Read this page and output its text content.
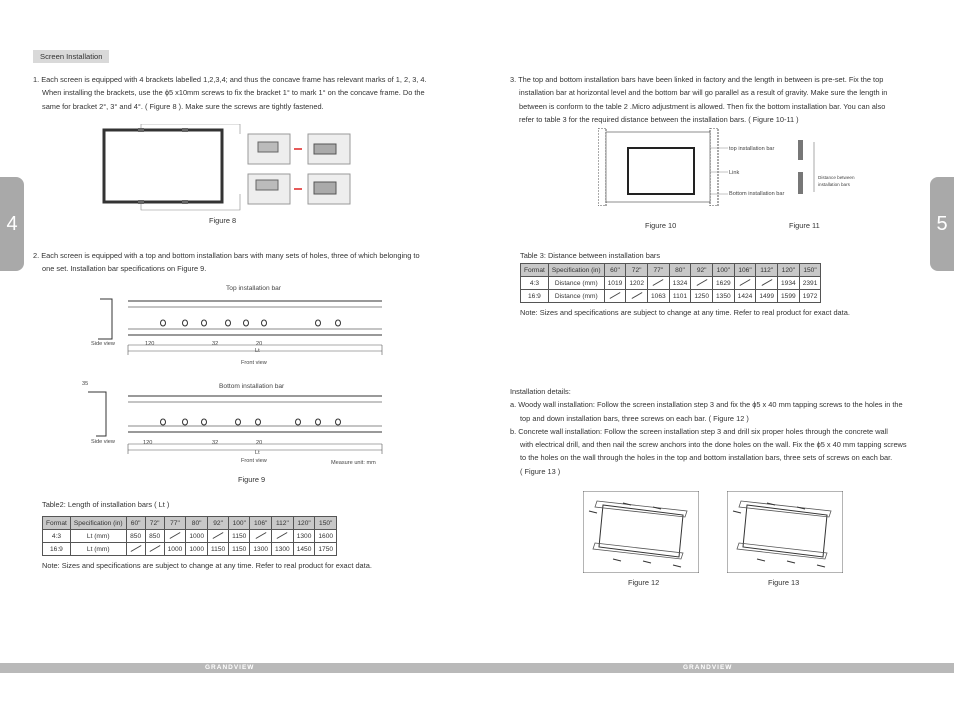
4
Screen Installation
1. Each screen is equipped with 4 brackets labelled 1,2,3,4; and thus the concave frame has relevant marks of 1, 2, 3, 4.
When installing the brackets, use the ϕ5 x10mm screws to fix the bracket 1° to mark 1° on the concave frame. Do the
same for bracket 2°, 3° and 4°. ( Figure 8 ). Make sure the screws are tightly fastened.
Figure 8
2. Each screen is equipped with a top and bottom installation bars with many sets of holes, three of which belonging to
one set. Installation bar specifications on Figure 9.
Top installation bar
Side view	120	32	20
Lt
Front view
Bottom installation bar
35
Side view	120	32	20
Lt
Front view	Measure unit: mm
Figure 9
Table2: Length of installation bars ( Lt )
Format	Specification (in)	60"	72"	77"	80"	92"	100"	106"	112"	120"	150"
4:3	Lt (mm)	850	850		1000		1150			1300	1600
16:9	Lt (mm)			1000	1000	1150	1150	1300	1300	1450	1750
Note: Sizes and specifications are subject to change at any time. Refer to real product for exact data.
5
3. The top and bottom installation bars have been linked in factory and the length in between is pre-set. Fix the top
installation bar at horizontal level and the bottom bar will go parallel as a result of gravity. Make sure the length in
between is conform to the table 2 .Micro adjustment is allowed. Then fix the bottom installation bar. You can also
refer to table 3 for the required distance between the installation bars. ( Figure 10-11 )
top installation bar
Link
Bottom installation bar
Distance between
installation bars
Figure 10	Figure 11
Table 3: Distance between installation bars
Format	Specification (in)	60"	72"	77"	80"	92"	100"	106"	112"	120"	150"
4:3	Distance (mm)	1019	1202		1324		1629			1934	2391
16:9	Distance (mm)			1063	1101	1250	1350	1424	1499	1599	1972
Note: Sizes and specifications are subject to change at any time. Refer to real product for exact data.
Installation details:
a. Woody wall installation: Follow the screen installation step 3 and fix the ϕ5 x 40 mm tapping screws to the holes in the
top and down installation bars, three screws on each bar. ( Figure 12 )
b. Concrete wall installation: Follow the screen installation step 3 and drill six proper holes through the concrete wall
with electrical drill, and then nail the screw anchors into the done holes on the wall. Fix the ϕ5 x 40 mm tapping screws
to the holes on the wall through the holes in the top and bottom installation bars, three sets of screws on each bar.
( Figure 13 )
Figure 12	Figure 13
GRANDVIEW	GRANDVIEW
